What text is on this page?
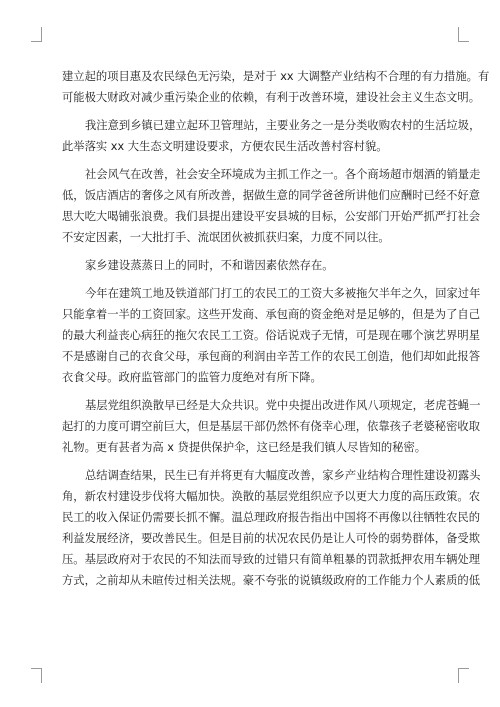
建立起的项目惠及农民绿色无污染，是对于 xx 大调整产业结构不合理的有力措施。有
可能极大财政对减少重污染企业的依赖，有利于改善环境，建设社会主义生态文明。
我注意到乡镇已建立起环卫管理站，主要业务之一是分类收购农村的生活垃圾，
此举落实 xx 大生态文明建设要求，方便农民生活改善村容村貌。
社会风气在改善，社会安全环境成为主抓工作之一。各个商场超市烟酒的销量走
低，饭店酒店的奢侈之风有所改善，据做生意的同学爸爸所讲他们应酬时已经不好意
思大吃大喝铺张浪费。我们县提出建设平安县城的目标，公安部门开始严抓严打社会
不安定因素，一大批打手、流氓团伙被抓获归案，力度不同以往。
家乡建设蒸蒸日上的同时，不和谐因素依然存在。
今年在建筑工地及铁道部门打工的农民工的工资大多被拖欠半年之久，回家过年
只能拿着一半的工资回家。这些开发商、承包商的资金绝对是足够的，但是为了自己
的最大利益丧心病狂的拖欠农民工工资。俗话说戏子无情，可是现在哪个演艺界明星
不是感谢自己的衣食父母，承包商的利润由辛苦工作的农民工创造，他们却如此报答
衣食父母。政府监管部门的监管力度绝对有所下降。
基层党组织涣散早已经是大众共识。党中央提出改进作风八项规定，老虎苍蝇一
起打的力度可谓空前巨大，但是基层干部仍然怀有侥幸心理，依靠孩子老婆秘密收取
礼物。更有甚者为高 x 贷提供保护伞，这已经是我们镇人尽皆知的秘密。
总结调查结果，民生已有并将更有大幅度改善，家乡产业结构合理性建设初露头
角，新农村建设步伐将大幅加快。涣散的基层党组织应予以更大力度的高压政策。农
民工的收入保证仍需要长抓不懈。温总理政府报告指出中国将不再像以往牺牲农民的
利益发展经济，要改善民生。但是目前的状况农民仍是让人可怜的弱势群体，备受欺
压。基层政府对于农民的不知法而导致的过错只有简单粗暴的罚款抵押农用车辆处理
方式，之前却从未暄传过相关法规。豪不夸张的说镇级政府的工作能力个人素质的低
